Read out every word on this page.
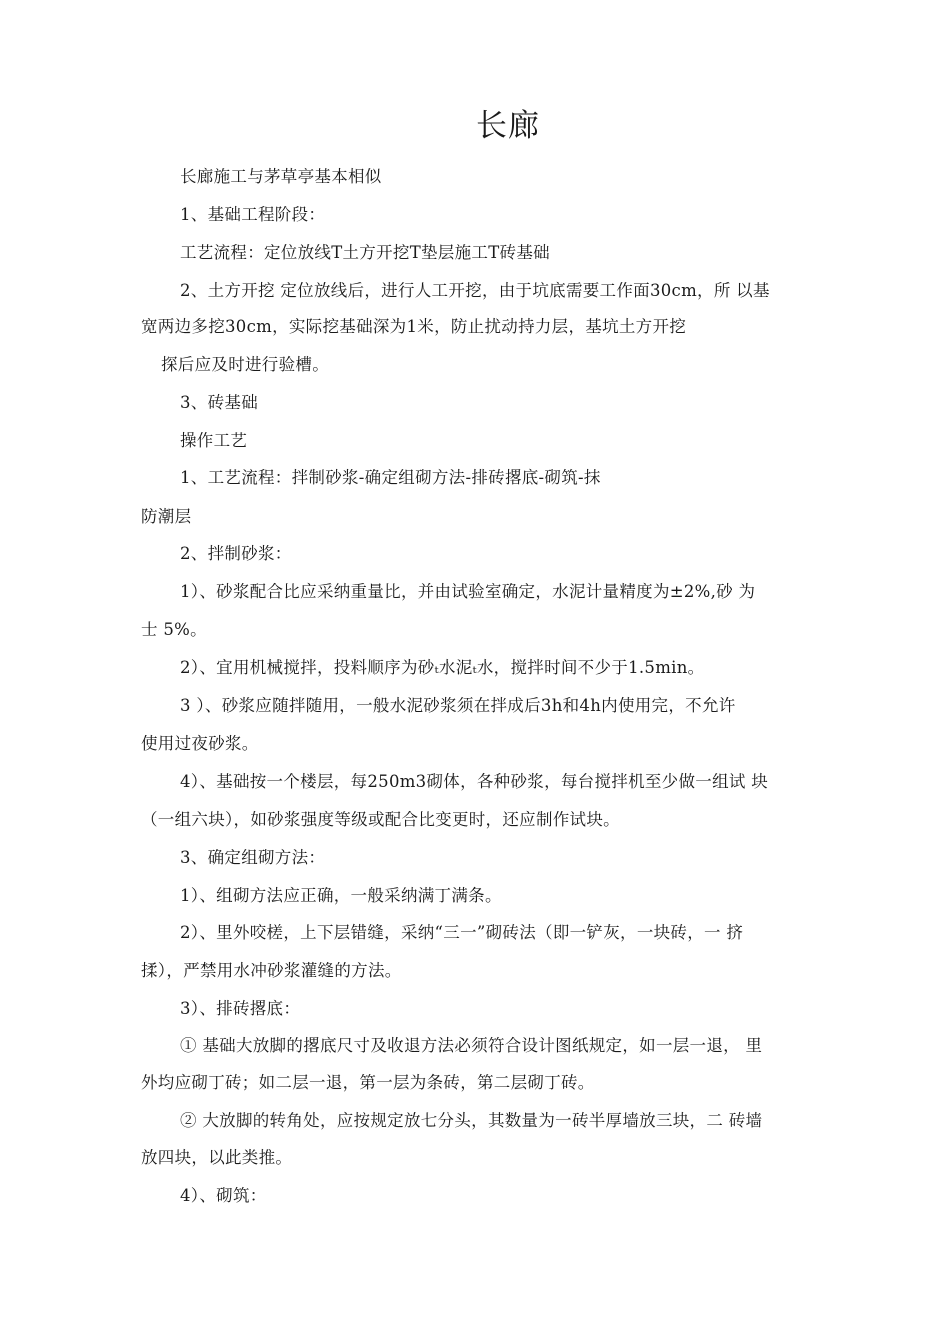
长廊
长廊施工与茅草亭基本相似
1、基础工程阶段：
工艺流程：定位放线T土方开挖T垫层施工T砖基础
2、土方开挖 定位放线后，进行人工开挖，由于坑底需要工作面30cm，所 以基
宽两边多挖30cm，实际挖基础深为1米，防止扰动持力层，基坑土方开挖
探后应及时进行验槽。
3、砖基础
操作工艺
1、工艺流程：拌制砂浆-确定组砌方法-排砖撂底-砌筑-抹
防潮层
2、拌制砂浆：
1）、砂浆配合比应采纳重量比，并由试验室确定，水泥计量精度为±2%,砂 为
士 5%。
2）、宜用机械搅拌，投料顺序为砂ₜ水泥ₜ水，搅拌时间不少于1.5min。
3 ）、砂浆应随拌随用，一般水泥砂浆须在拌成后3h和4h内使用完，不允许
使用过夜砂浆。
4）、基础按一个楼层，每250m3砌体，各种砂浆，每台搅拌机至少做一组试 块
（一组六块），如砂浆强度等级或配合比变更时，还应制作试块。
3、确定组砌方法：
1）、组砌方法应正确，一般采纳满丁满条。
2）、里外咬槎，上下层错缝，采纳“三一”砌砖法（即一铲灰，一块砖，一 挤
揉），严禁用水冲砂浆灌缝的方法。
3）、排砖撂底：
① 基础大放脚的撂底尺寸及收退方法必须符合设计图纸规定，如一层一退， 里
外均应砌丁砖；如二层一退，第一层为条砖，第二层砌丁砖。
② 大放脚的转角处，应按规定放七分头，其数量为一砖半厚墙放三块，二 砖墙
放四块，以此类推。
4）、砌筑：
